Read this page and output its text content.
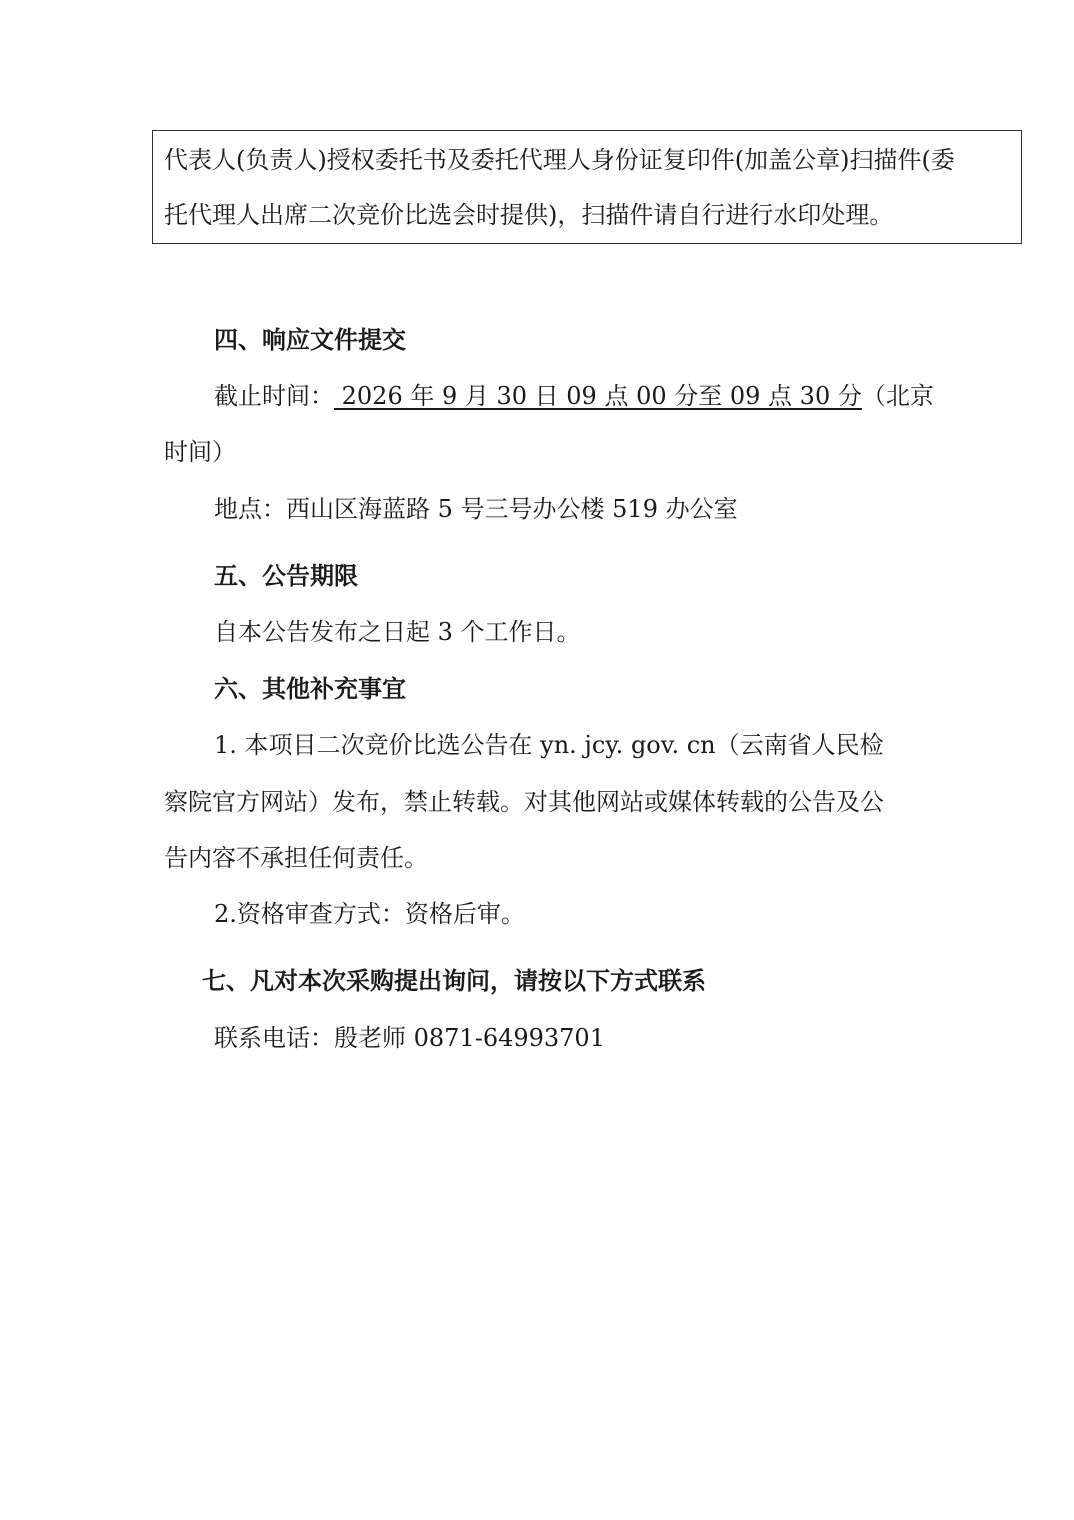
代表人(负责人)授权委托书及委托代理人身份证复印件(加盖公章)扫描件(委
托代理人出席二次竞价比选会时提供)，扫描件请自行进行水印处理。
四、响应文件提交
截止时间： 2026 年 9 月 30 日 09 点 00 分至 09 点 30 分（北京
时间）
地点：西山区海蓝路 5 号三号办公楼 519 办公室
五、公告期限
自本公告发布之日起 3 个工作日。
六、其他补充事宜
1. 本项目二次竞价比选公告在 yn. jcy. gov. cn（云南省人民检
察院官方网站）发布，禁止转载。对其他网站或媒体转载的公告及公
告内容不承担任何责任。
2.资格审查方式：资格后审。
七、凡对本次采购提出询问，请按以下方式联系
联系电话：殷老师 0871-64993701
